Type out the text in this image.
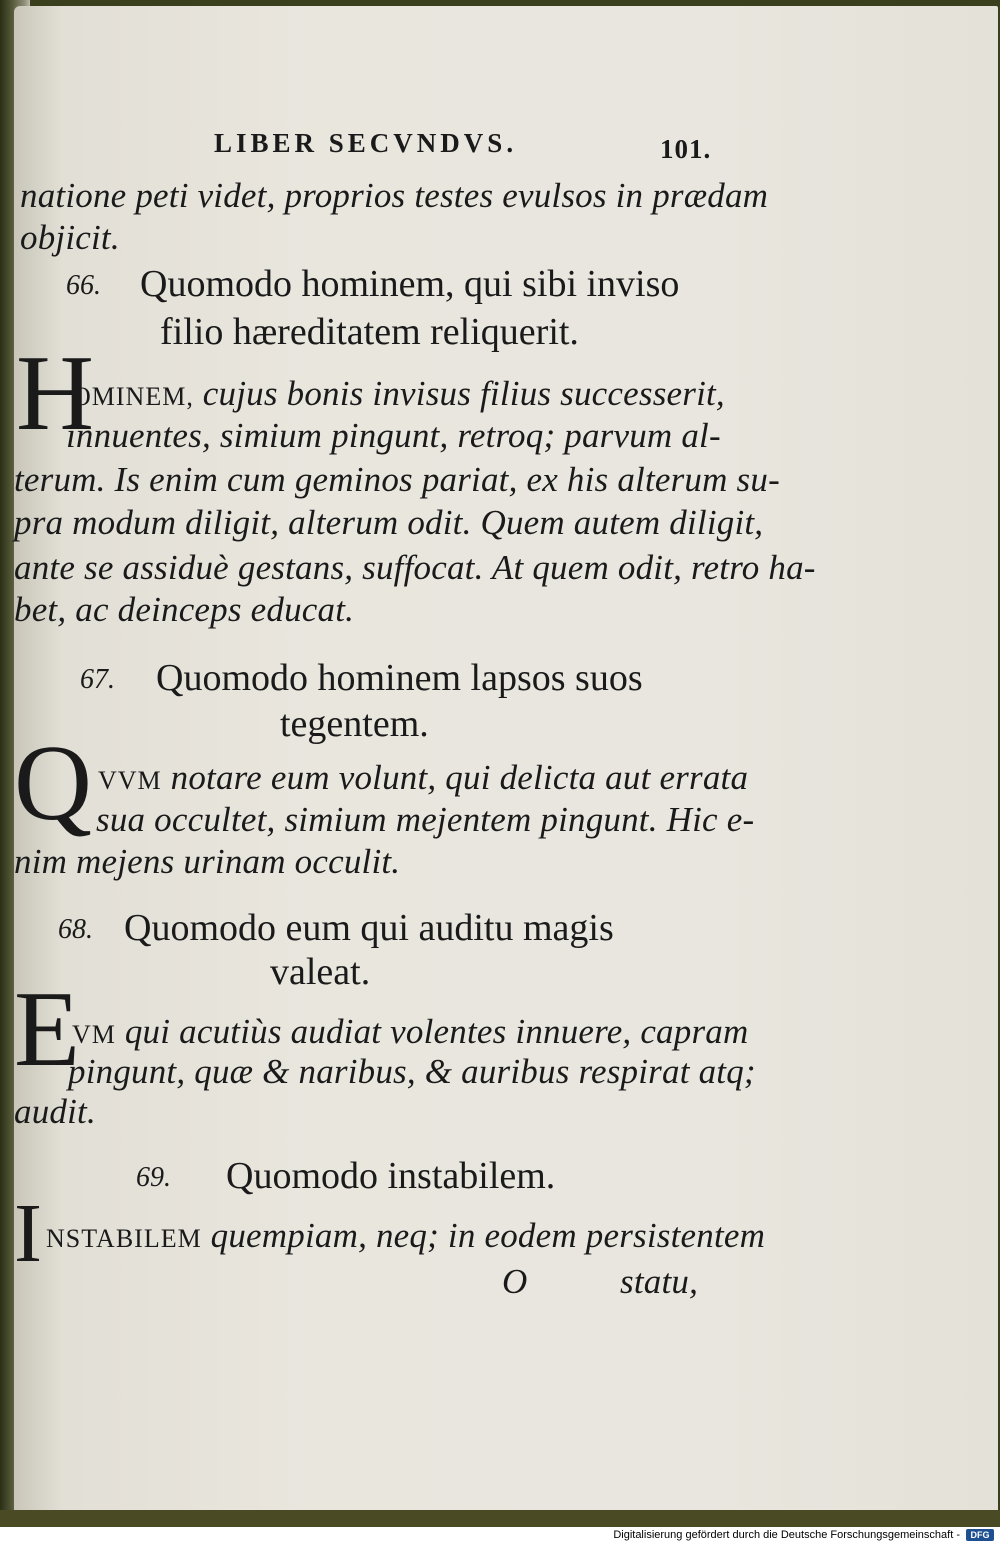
LIBER SECVNDVS.	101.
natione peti videt, proprios testes evulsos in prædam
objicit.
66. Quomodo hominem, qui sibi inviso
filio hæreditatem reliquerit.
H
OMINEM, cujus bonis invisus filius successerit,
innuentes, simium pingunt, retroq; parvum al-
terum. Is enim cum geminos pariat, ex his alterum su-
pra modum diligit, alterum odit. Quem autem diligit,
ante se assiduè gestans, suffocat. At quem odit, retro ha-
bet, ac deinceps educat.
67. Quomodo hominem lapsos suos
tegentem.
Q VVM notare eum volunt, qui delicta aut errata
sua occultet, simium mejentem pingunt. Hic e-
nim mejens urinam occulit.
68. Quomodo eum qui auditu magis
valeat.
E
VM qui acutiùs audiat volentes innuere, capram
pingunt, quæ & naribus, & auribus respirat atq;
audit.
69. Quomodo instabilem.
I NSTABILEM quempiam, neq; in eodem persistentem
O	statu,
Digitalisierung gefördert durch die Deutsche Forschungsgemeinschaft -	DFG
